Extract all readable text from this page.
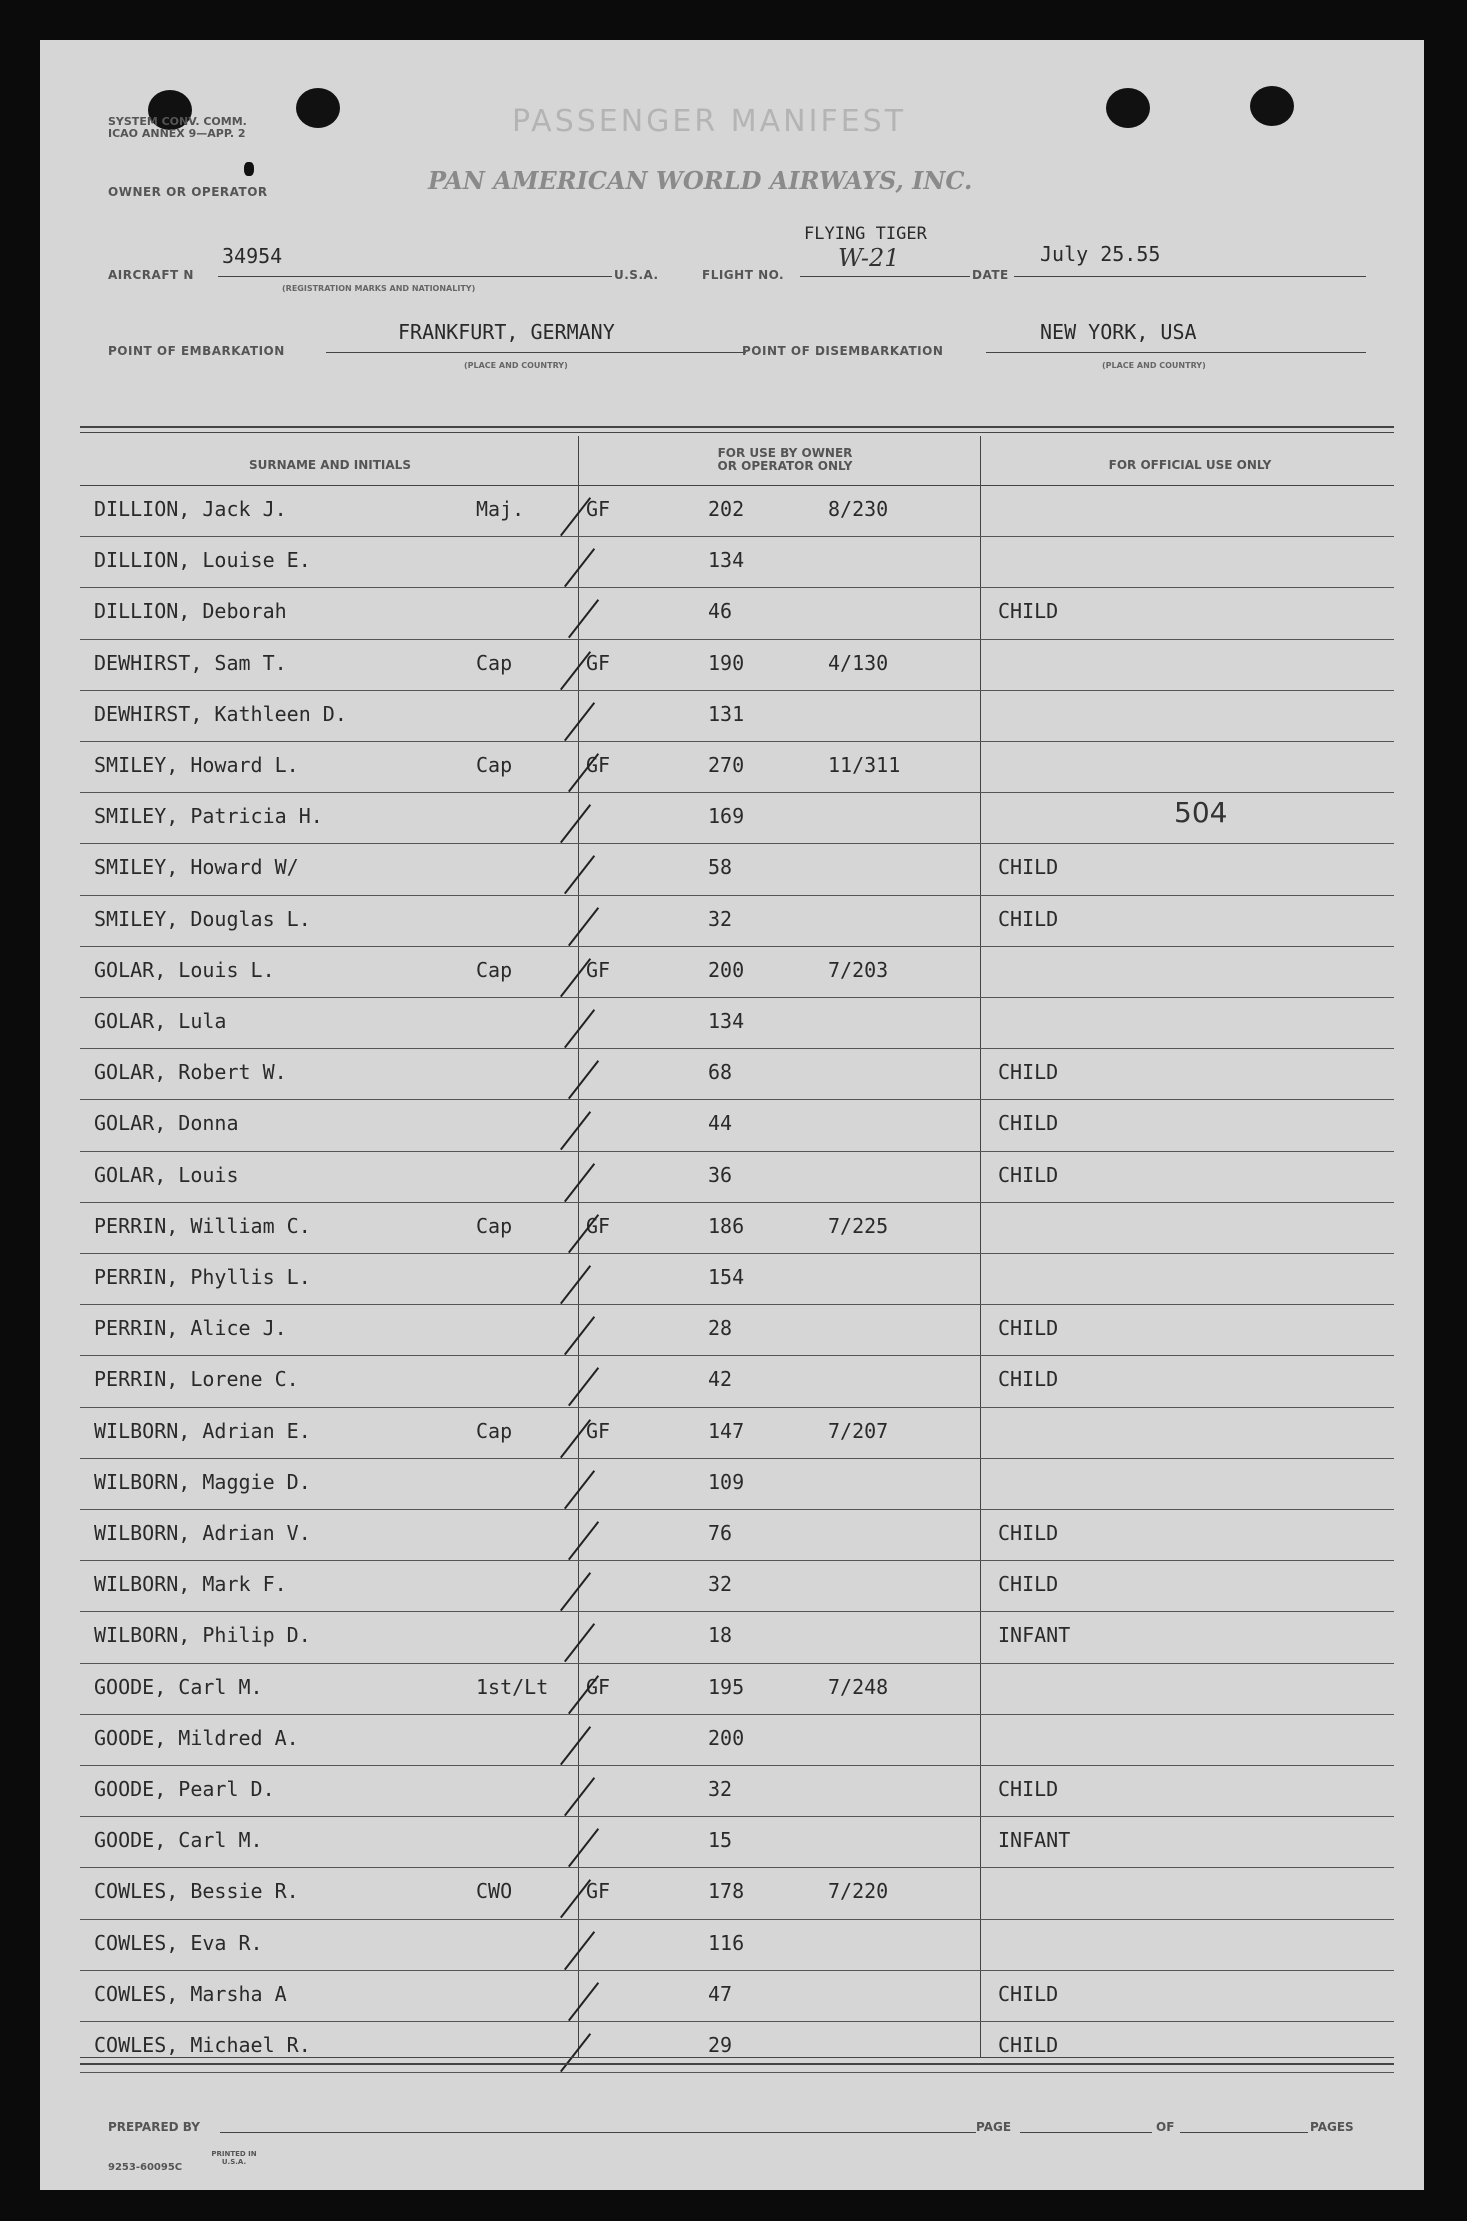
SYSTEM CONV. COMM.
ICAO ANNEX 9—APP. 2	PASSENGER MANIFEST
OWNER OR OPERATOR	PAN AMERICAN WORLD AIRWAYS, INC.
AIRCRAFT N
34954
(REGISTRATION MARKS AND NATIONALITY)
U.S.A.	FLIGHT NO.
FLYING TIGER
W-21
DATE
July 25.55
POINT OF EMBARKATION
FRANKFURT, GERMANY
(PLACE AND COUNTRY)
POINT OF DISEMBARKATION
NEW YORK, USA
(PLACE AND COUNTRY)
SURNAME AND INITIALS
FOR USE BY OWNER
OR OPERATOR ONLY	FOR OFFICIAL USE ONLY
504
DILLION, Jack J.	Maj.	GF	202	8/230
DILLION, Louise E.	134
DILLION, Deborah	46	CHILD
DEWHIRST, Sam T.	Cap	GF	190	4/130
DEWHIRST, Kathleen D.	131
SMILEY, Howard L.	Cap	GF	270	11/311
SMILEY, Patricia H.	169
SMILEY, Howard W/	58	CHILD
SMILEY, Douglas L.	32	CHILD
GOLAR, Louis L.	Cap	GF	200	7/203
GOLAR, Lula	134
GOLAR, Robert W.	68	CHILD
GOLAR, Donna	44	CHILD
GOLAR, Louis	36	CHILD
PERRIN, William C.	Cap	GF	186	7/225
PERRIN, Phyllis L.	154
PERRIN, Alice J.	28	CHILD
PERRIN, Lorene C.	42	CHILD
WILBORN, Adrian E.	Cap	GF	147	7/207
WILBORN, Maggie D.	109
WILBORN, Adrian V.	76	CHILD
WILBORN, Mark F.	32	CHILD
WILBORN, Philip D.	18	INFANT
GOODE, Carl M.	1st/Lt GF	195	7/248
GOODE, Mildred A.	200
GOODE, Pearl D.	32	CHILD
GOODE, Carl M.	15	INFANT
COWLES, Bessie R.	CWO	GF	178	7/220
COWLES, Eva R.	116
COWLES, Marsha A	47	CHILD
COWLES, Michael R.	29	CHILD
PREPARED BY	PAGE	OF	PAGES
9253-60095C
PRINTED IN U.S.A.
